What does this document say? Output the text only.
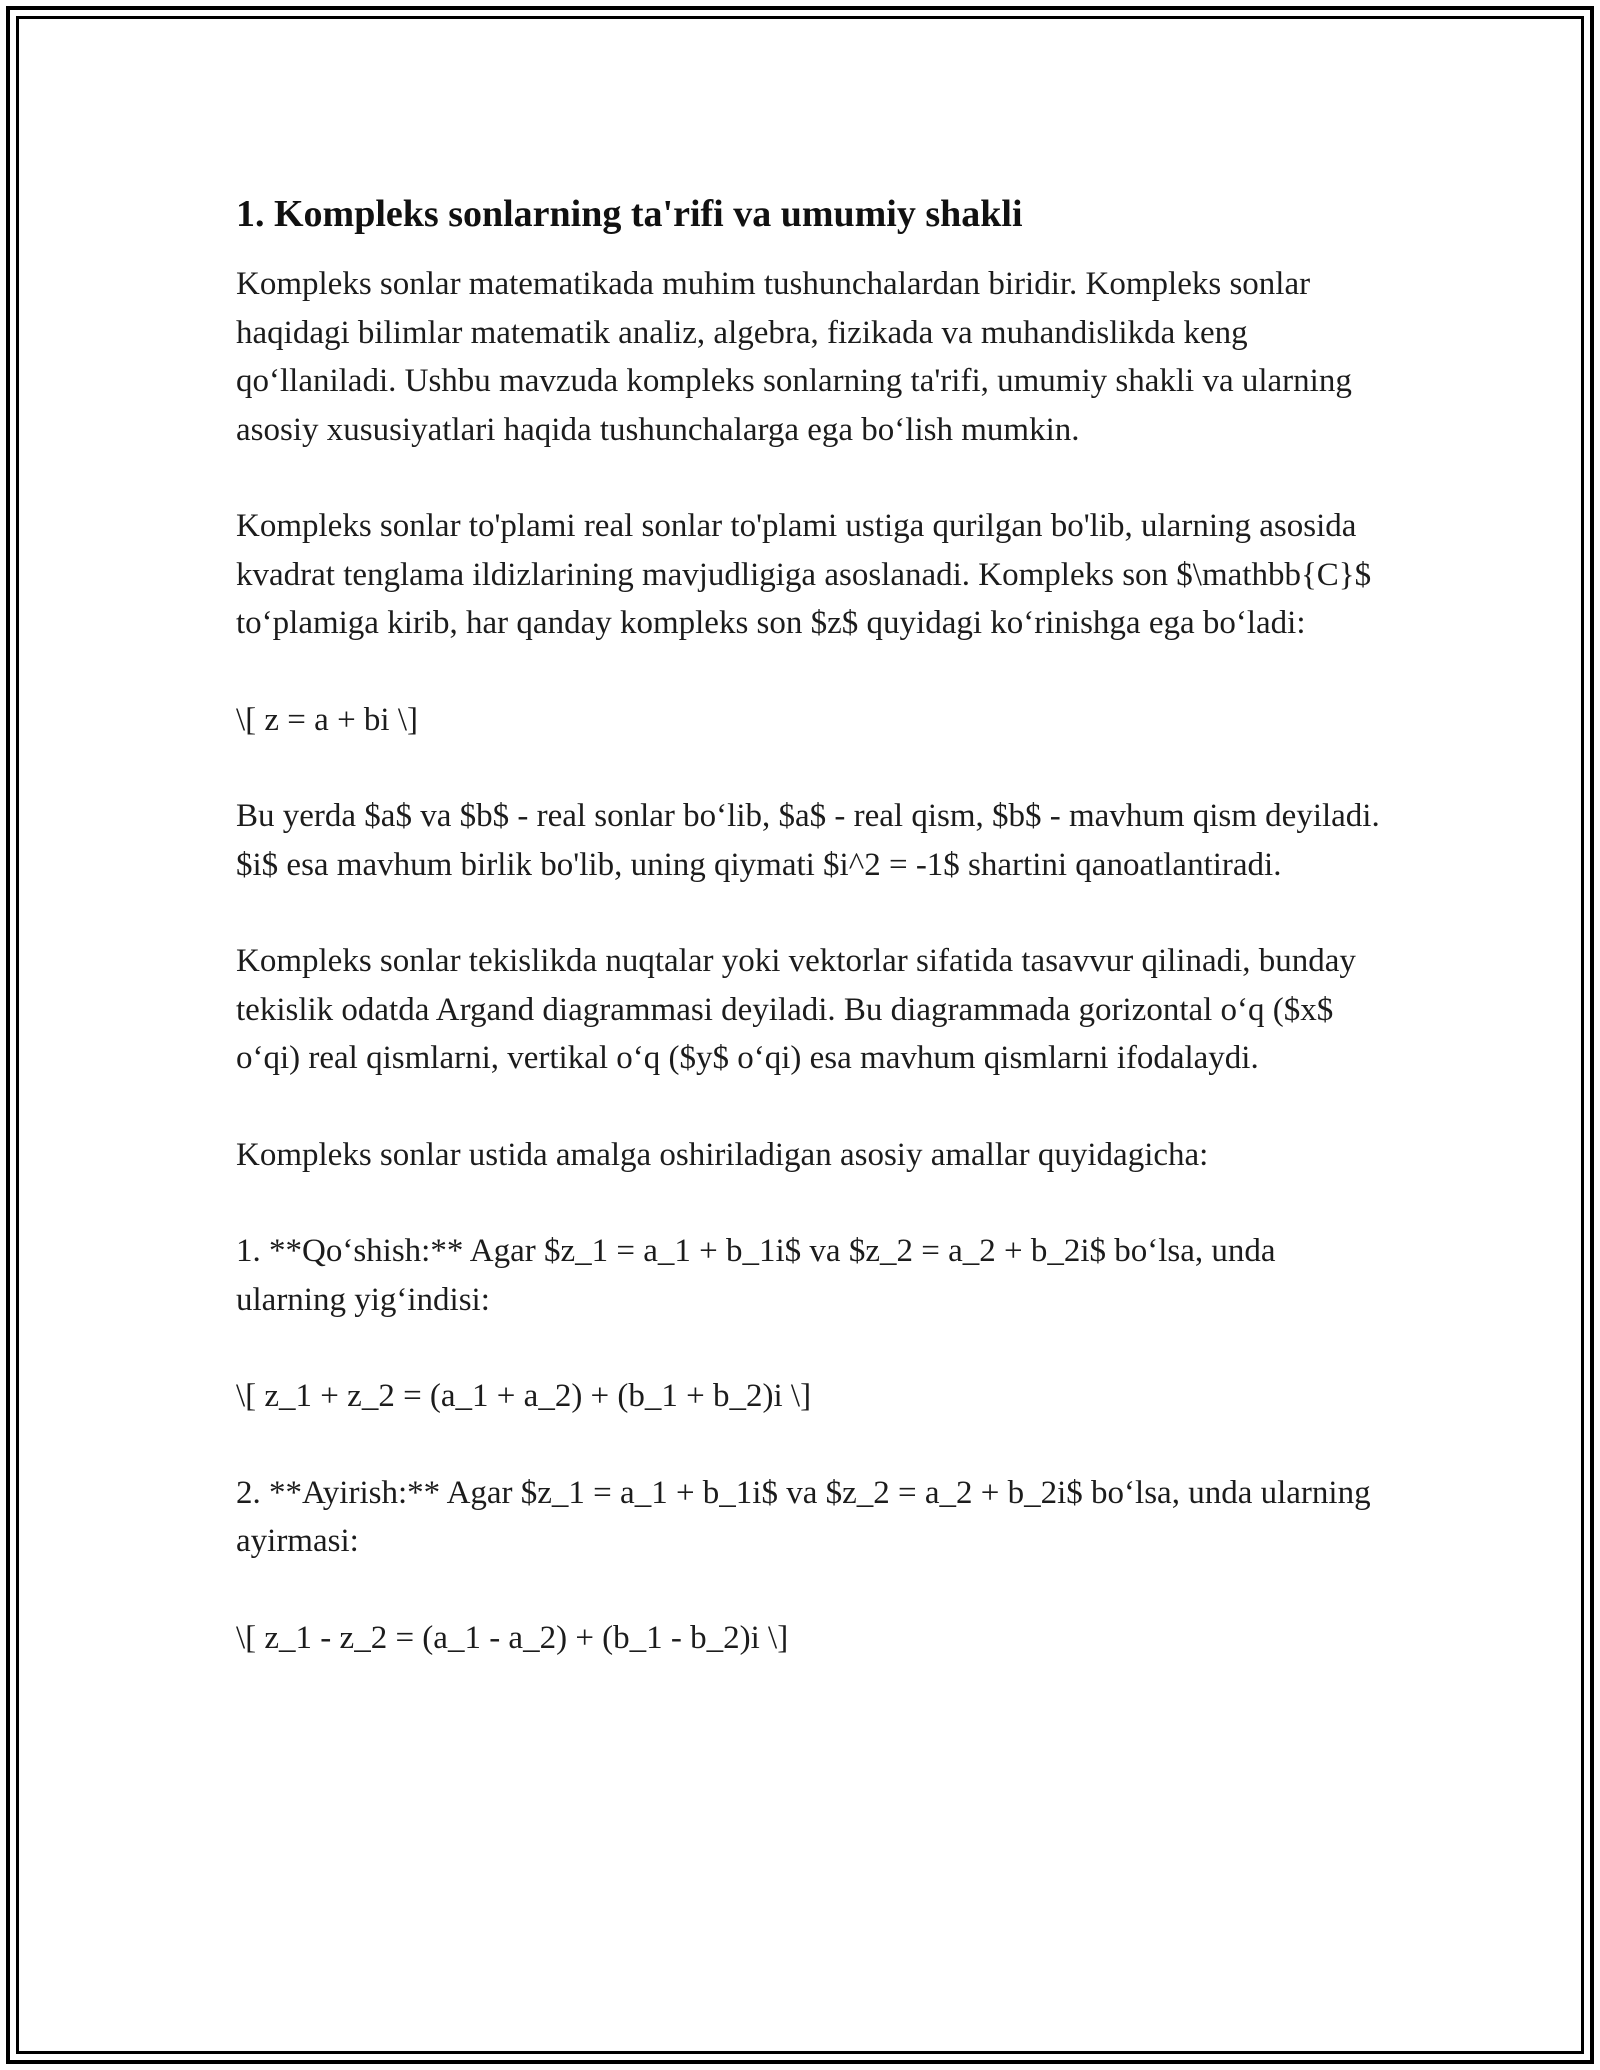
1. Kompleks sonlarning ta'rifi va umumiy shakli

Kompleks sonlar matematikada muhim tushunchalardan biridir. Kompleks sonlar haqidagi bilimlar matematik analiz, algebra, fizikada va muhandislikda keng qo‘llaniladi. Ushbu mavzuda kompleks sonlarning ta'rifi, umumiy shakli va ularning asosiy xususiyatlari haqida tushunchalarga ega bo‘lish mumkin.

Kompleks sonlar to'plami real sonlar to'plami ustiga qurilgan bo'lib, ularning asosida kvadrat tenglama ildizlarining mavjudligiga asoslanadi. Kompleks son $\mathbb{C}$ to‘plamiga kirib, har qanday kompleks son $z$ quyidagi ko‘rinishga ega bo‘ladi:

\[ z = a + bi \]

Bu yerda $a$ va $b$ - real sonlar bo‘lib, $a$ - real qism, $b$ - mavhum qism deyiladi. $i$ esa mavhum birlik bo'lib, uning qiymati $i^2 = -1$ shartini qanoatlantiradi.

Kompleks sonlar tekislikda nuqtalar yoki vektorlar sifatida tasavvur qilinadi, bunday tekislik odatda Argand diagrammasi deyiladi. Bu diagrammada gorizontal o‘q ($x$ o‘qi) real qismlarni, vertikal o‘q ($y$ o‘qi) esa mavhum qismlarni ifodalaydi.

Kompleks sonlar ustida amalga oshiriladigan asosiy amallar quyidagicha:

1. **Qo‘shish:** Agar $z_1 = a_1 + b_1i$ va $z_2 = a_2 + b_2i$ bo‘lsa, unda ularning yig‘indisi:

\[ z_1 + z_2 = (a_1 + a_2) + (b_1 + b_2)i \]

2. **Ayirish:** Agar $z_1 = a_1 + b_1i$ va $z_2 = a_2 + b_2i$ bo‘lsa, unda ularning ayirmasi:

\[ z_1 - z_2 = (a_1 - a_2) + (b_1 - b_2)i \]
